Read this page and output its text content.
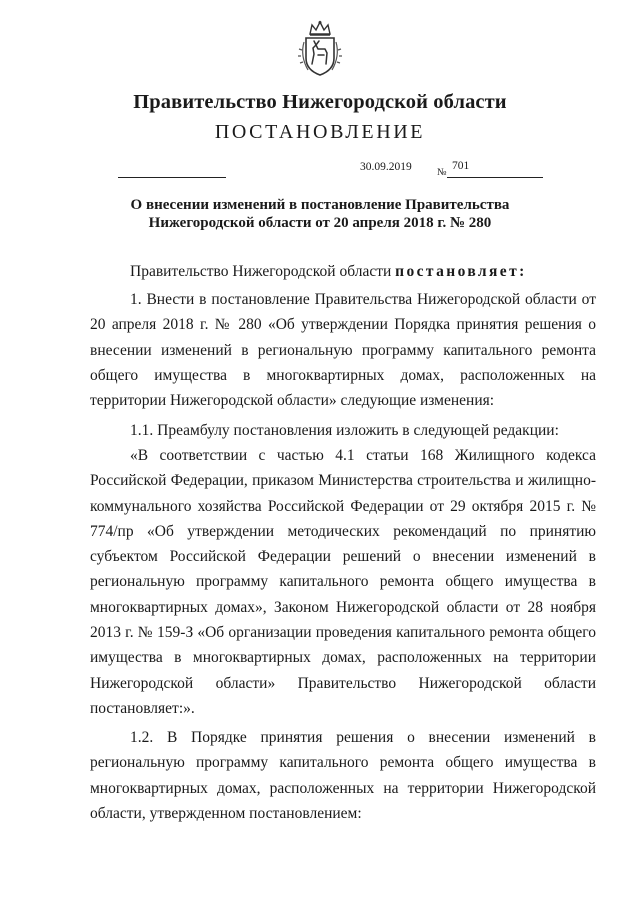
Правительство Нижегородской области
ПОСТАНОВЛЕНИЕ
30.09.2019	№
701
О внесении изменений в постановление Правительства
Нижегородской области от 20 апреля 2018 г. № 280

Правительство Нижегородской области постановляет:

1. Внести в постановление Правительства Нижегородской области от 20 апреля 2018 г. № 280 «Об утверждении Порядка принятия решения о внесении изменений в региональную программу капитального ремонта общего имущества в многоквартирных домах, расположенных на территории Нижегородской области» следующие изменения:

1.1. Преамбулу постановления изложить в следующей редакции:

«В соответствии с частью 4.1 статьи 168 Жилищного кодекса Российской Федерации, приказом Министерства строительства и жилищно-коммунального хозяйства Российской Федерации от 29 октября 2015 г. № 774/пр «Об утверждении методических рекомендаций по принятию субъектом Российской Федерации решений о внесении изменений в региональную программу капитального ремонта общего имущества в многоквартирных домах», Законом Нижегородской области от 28 ноября 2013 г. № 159-З «Об организации проведения капитального ремонта общего имущества в многоквартирных домах, расположенных на территории Нижегородской области» Правительство Нижегородской области постановляет:».

1.2. В Порядке принятия решения о внесении изменений в региональную программу капитального ремонта общего имущества в многоквартирных домах, расположенных на территории Нижегородской области, утвержденном постановлением:
